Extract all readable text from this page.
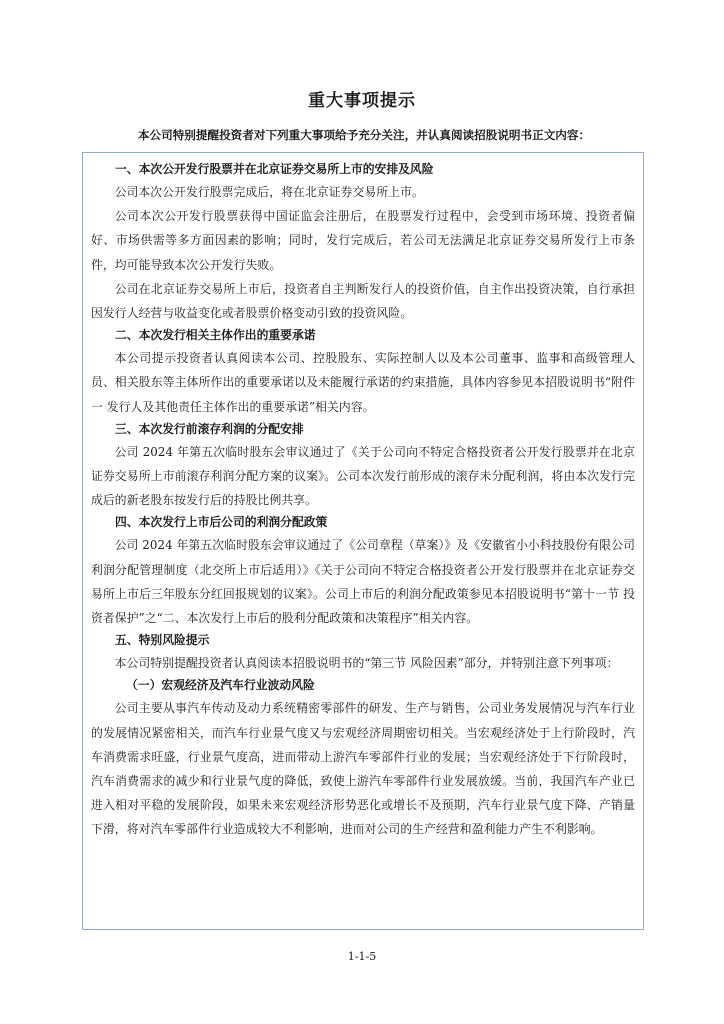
重大事项提示
本公司特别提醒投资者对下列重大事项给予充分关注，并认真阅读招股说明书正文内容：

一、本次公开发行股票并在北京证券交易所上市的安排及风险

公司本次公开发行股票完成后，将在北京证券交易所上市。

公司本次公开发行股票获得中国证监会注册后，在股票发行过程中，会受到市场环境、投资者偏好、市场供需等多方面因素的影响；同时，发行完成后，若公司无法满足北京证券交易所发行上市条件，均可能导致本次公开发行失败。

公司在北京证券交易所上市后，投资者自主判断发行人的投资价值，自主作出投资决策，自行承担因发行人经营与收益变化或者股票价格变动引致的投资风险。

二、本次发行相关主体作出的重要承诺

本公司提示投资者认真阅读本公司、控股股东、实际控制人以及本公司董事、监事和高级管理人员、相关股东等主体所作出的重要承诺以及未能履行承诺的约束措施，具体内容参见本招股说明书“附件一 发行人及其他责任主体作出的重要承诺”相关内容。

三、本次发行前滚存利润的分配安排

公司 2024 年第五次临时股东会审议通过了《关于公司向不特定合格投资者公开发行股票并在北京证券交易所上市前滚存利润分配方案的议案》。公司本次发行前形成的滚存未分配利润，将由本次发行完成后的新老股东按发行后的持股比例共享。

四、本次发行上市后公司的利润分配政策

公司 2024 年第五次临时股东会审议通过了《公司章程（草案）》及《安徽省小小科技股份有限公司利润分配管理制度（北交所上市后适用）》《关于公司向不特定合格投资者公开发行股票并在北京证券交易所上市后三年股东分红回报规划的议案》。公司上市后的利润分配政策参见本招股说明书“第十一节 投资者保护”之“二、本次发行上市后的股利分配政策和决策程序”相关内容。

五、特别风险提示

本公司特别提醒投资者认真阅读本招股说明书的“第三节 风险因素”部分，并特别注意下列事项：

（一）宏观经济及汽车行业波动风险

公司主要从事汽车传动及动力系统精密零部件的研发、生产与销售，公司业务发展情况与汽车行业的发展情况紧密相关，而汽车行业景气度又与宏观经济周期密切相关。当宏观经济处于上行阶段时，汽车消费需求旺盛，行业景气度高，进而带动上游汽车零部件行业的发展；当宏观经济处于下行阶段时，汽车消费需求的减少和行业景气度的降低，致使上游汽车零部件行业发展放缓。当前，我国汽车产业已进入相对平稳的发展阶段，如果未来宏观经济形势恶化或增长不及预期，汽车行业景气度下降、产销量下滑，将对汽车零部件行业造成较大不利影响，进而对公司的生产经营和盈利能力产生不利影响。

1-1-5
